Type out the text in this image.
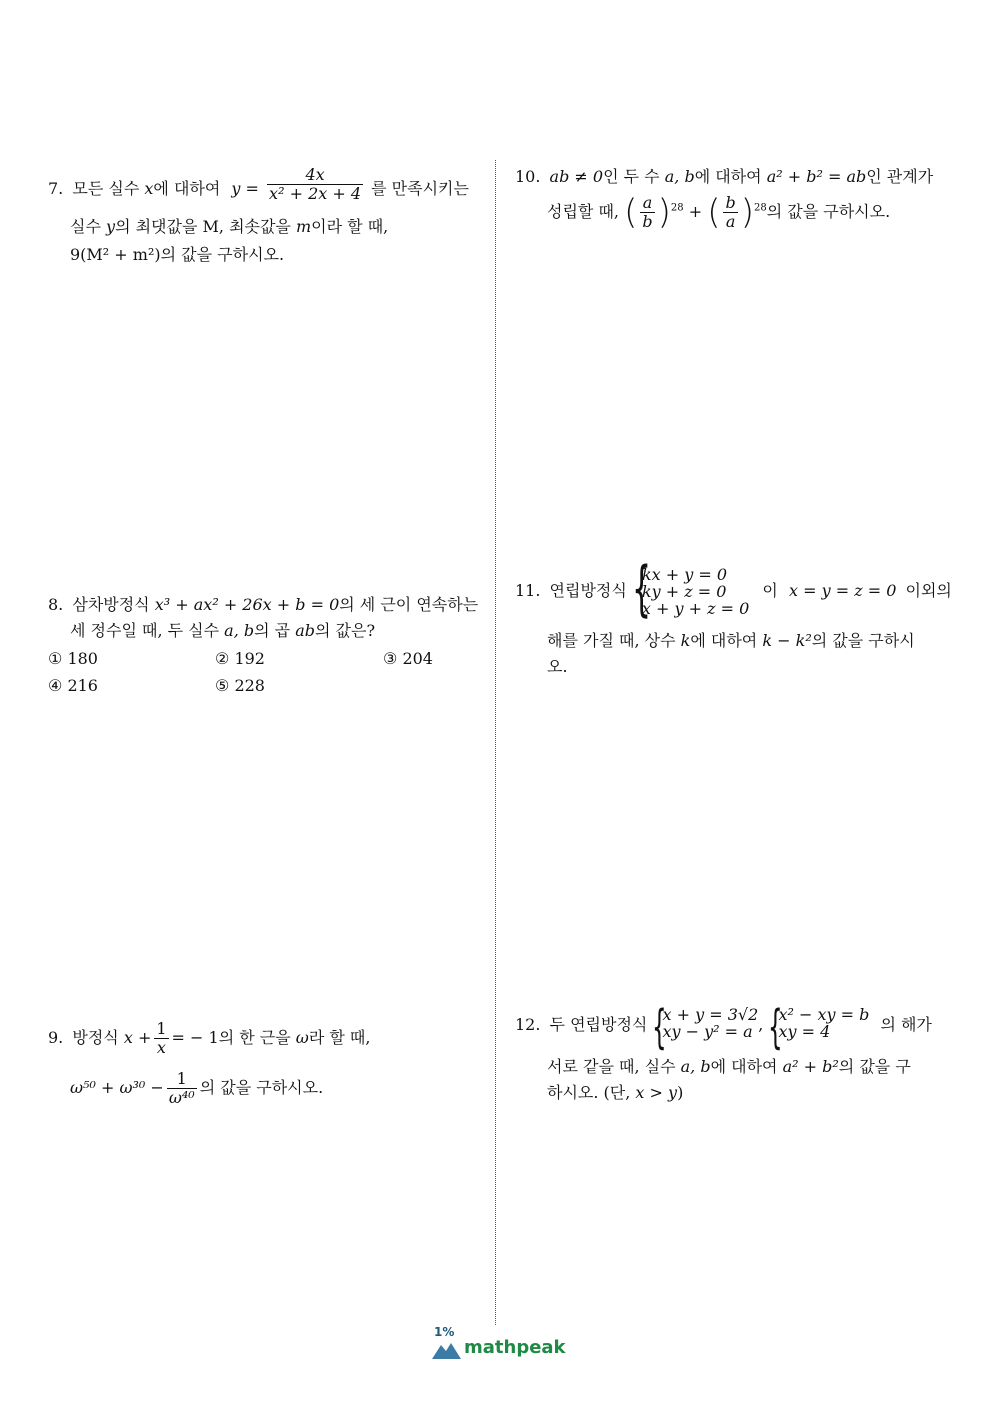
7. 모든 실수 x에 대하여 $y = \frac{4x}{\text{x² + 2x + 4}}$ 를 만족시키는
실수 y의 최댓값을 M, 최솟값을 m이라 할 때,
9(M² + m²)의 값을 구하시오.
10. ab ≠ 0인 두 수 a, b에 대하여 a² + b² = ab인 관계가
성립할 때, ( $\frac{a}{b} )^{28}$ + ( $\frac{b}{a} )^{28}$의 값을 구하시오.
8. 삼차방정식 x³ + ax² + 26x + b = 0의 세 근이 연속하는
세 정수일 때, 두 실수 a, b의 곱 ab의 값은?
① 180	② 192	③ 204
④ 216	⑤ 228
11. 연립방정식 {
kx + y = 0
ky + z = 0
x + y + z = 0
이 x = y = z = 0 이외의
해를 가질 때, 상수 k에 대하여 k − k²의 값을 구하시
오.
9. 방정식 $x + \frac{1}{x}$ = − 1의 한 근을 ω라 할 때,
$\omega^{50} + \omega^{30} - \frac{1}{\text{ω⁴⁰}}$ 의 값을 구하시오.
12. 두 연립방정식 {
x + y = 3√2
xy − y² = a , {
x² − xy = b
xy = 4	의 해가
서로 같을 때, 실수 a, b에 대하여 a² + b²의 값을 구
하시오. (단, x > y)
1%
mathpeak
